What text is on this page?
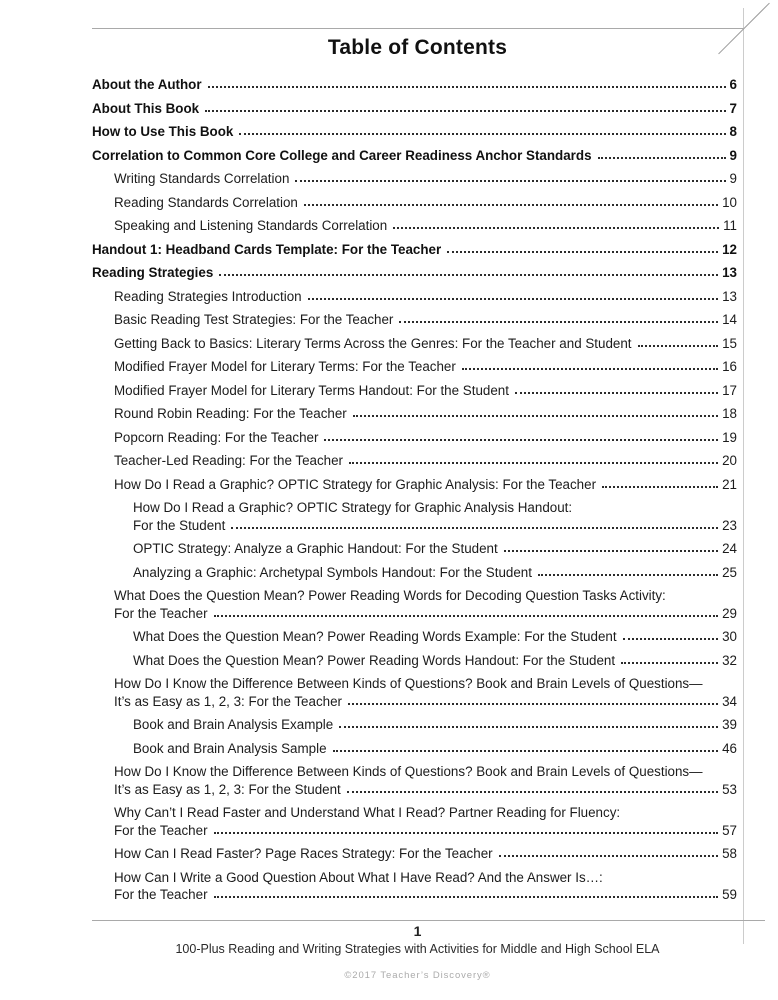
Table of Contents
About the Author	6
About This Book	7
How to Use This Book	8
Correlation to Common Core College and Career Readiness Anchor Standards	9
Writing Standards Correlation	9
Reading Standards Correlation	10
Speaking and Listening Standards Correlation	11
Handout 1: Headband Cards Template: For the Teacher	12
Reading Strategies	13
Reading Strategies Introduction	13
Basic Reading Test Strategies: For the Teacher	14
Getting Back to Basics: Literary Terms Across the Genres: For the Teacher and Student	15
Modified Frayer Model for Literary Terms: For the Teacher	16
Modified Frayer Model for Literary Terms Handout: For the Student	17
Round Robin Reading: For the Teacher	18
Popcorn Reading: For the Teacher	19
Teacher-Led Reading: For the Teacher	20
How Do I Read a Graphic? OPTIC Strategy for Graphic Analysis: For the Teacher	21
How Do I Read a Graphic? OPTIC Strategy for Graphic Analysis Handout:
For the Student	23
OPTIC Strategy: Analyze a Graphic Handout: For the Student	24
Analyzing a Graphic: Archetypal Symbols Handout: For the Student	25
What Does the Question Mean? Power Reading Words for Decoding Question Tasks Activity:
For the Teacher	29
What Does the Question Mean? Power Reading Words Example: For the Student	30
What Does the Question Mean? Power Reading Words Handout: For the Student	32
How Do I Know the Difference Between Kinds of Questions? Book and Brain Levels of Questions—
It’s as Easy as 1, 2, 3: For the Teacher	34
Book and Brain Analysis Example	39
Book and Brain Analysis Sample	46
How Do I Know the Difference Between Kinds of Questions? Book and Brain Levels of Questions—
It’s as Easy as 1, 2, 3: For the Student	53
Why Can’t I Read Faster and Understand What I Read? Partner Reading for Fluency:
For the Teacher	57
How Can I Read Faster? Page Races Strategy: For the Teacher	58
How Can I Write a Good Question About What I Have Read? And the Answer Is…:
For the Teacher	59
1
100-Plus Reading and Writing Strategies with Activities for Middle and High School ELA
©2017 Teacher’s Discovery®
